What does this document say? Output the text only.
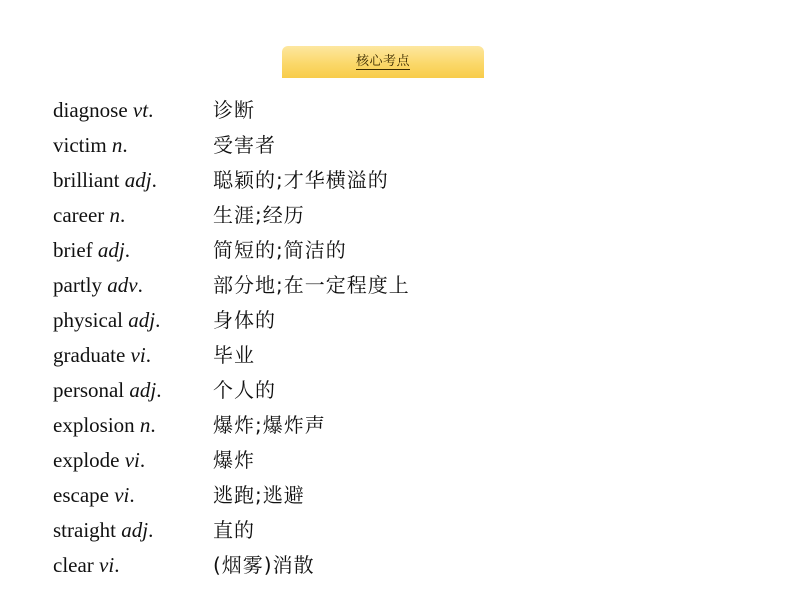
核心考点
diagnose vt.	诊断
victim n.	受害者
brilliant adj.	聪颖的;才华横溢的
career n.	生涯;经历
brief adj.	简短的;简洁的
partly adv.	部分地;在一定程度上
physical adj.	身体的
graduate vi.	毕业
personal adj.	个人的
explosion n.	爆炸;爆炸声
explode vi.	爆炸
escape vi.	逃跑;逃避
straight adj.	直的
clear vi.	(烟雾)消散
